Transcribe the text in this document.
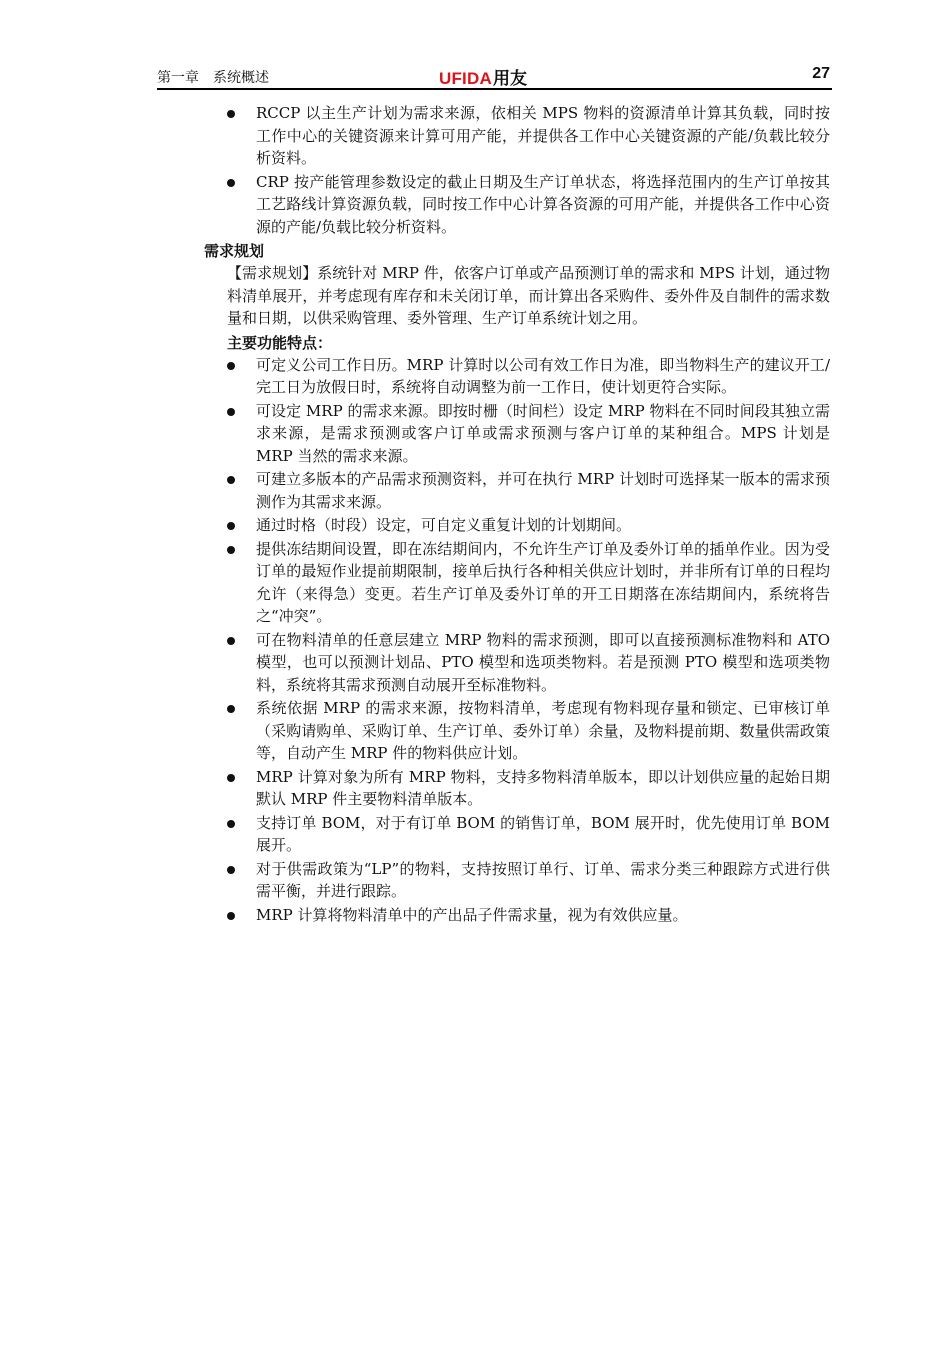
第一章　系统概述	UFIDA用友	27
RCCP 以主生产计划为需求来源，依相关 MPS 物料的资源清单计算其负载，同时按工作中心的关键资源来计算可用产能，并提供各工作中心关键资源的产能/负载比较分析资料。
CRP 按产能管理参数设定的截止日期及生产订单状态，将选择范围内的生产订单按其工艺路线计算资源负载，同时按工作中心计算各资源的可用产能，并提供各工作中心资源的产能/负载比较分析资料。
需求规划
【需求规划】系统针对 MRP 件，依客户订单或产品预测订单的需求和 MPS 计划，通过物料清单展开，并考虑现有库存和未关闭订单，而计算出各采购件、委外件及自制件的需求数量和日期，以供采购管理、委外管理、生产订单系统计划之用。
主要功能特点：
可定义公司工作日历。MRP 计算时以公司有效工作日为准，即当物料生产的建议开工/完工日为放假日时，系统将自动调整为前一工作日，使计划更符合实际。
可设定 MRP 的需求来源。即按时栅（时间栏）设定 MRP 物料在不同时间段其独立需求来源，是需求预测或客户订单或需求预测与客户订单的某种组合。MPS 计划是 MRP 当然的需求来源。
可建立多版本的产品需求预测资料，并可在执行 MRP 计划时可选择某一版本的需求预测作为其需求来源。
通过时格（时段）设定，可自定义重复计划的计划期间。
提供冻结期间设置，即在冻结期间内，不允许生产订单及委外订单的插单作业。因为受订单的最短作业提前期限制，接单后执行各种相关供应计划时，并非所有订单的日程均允许（来得急）变更。若生产订单及委外订单的开工日期落在冻结期间内，系统将告之“冲突”。
可在物料清单的任意层建立 MRP 物料的需求预测，即可以直接预测标准物料和 ATO 模型，也可以预测计划品、PTO 模型和选项类物料。若是预测 PTO 模型和选项类物料，系统将其需求预测自动展开至标准物料。
系统依据 MRP 的需求来源，按物料清单，考虑现有物料现存量和锁定、已审核订单（采购请购单、采购订单、生产订单、委外订单）余量，及物料提前期、数量供需政策等，自动产生 MRP 件的物料供应计划。
MRP 计算对象为所有 MRP 物料，支持多物料清单版本，即以计划供应量的起始日期默认 MRP 件主要物料清单版本。
支持订单 BOM，对于有订单 BOM 的销售订单，BOM 展开时，优先使用订单 BOM 展开。
对于供需政策为“LP”的物料，支持按照订单行、订单、需求分类三种跟踪方式进行供需平衡，并进行跟踪。
MRP 计算将物料清单中的产出品子件需求量，视为有效供应量。
